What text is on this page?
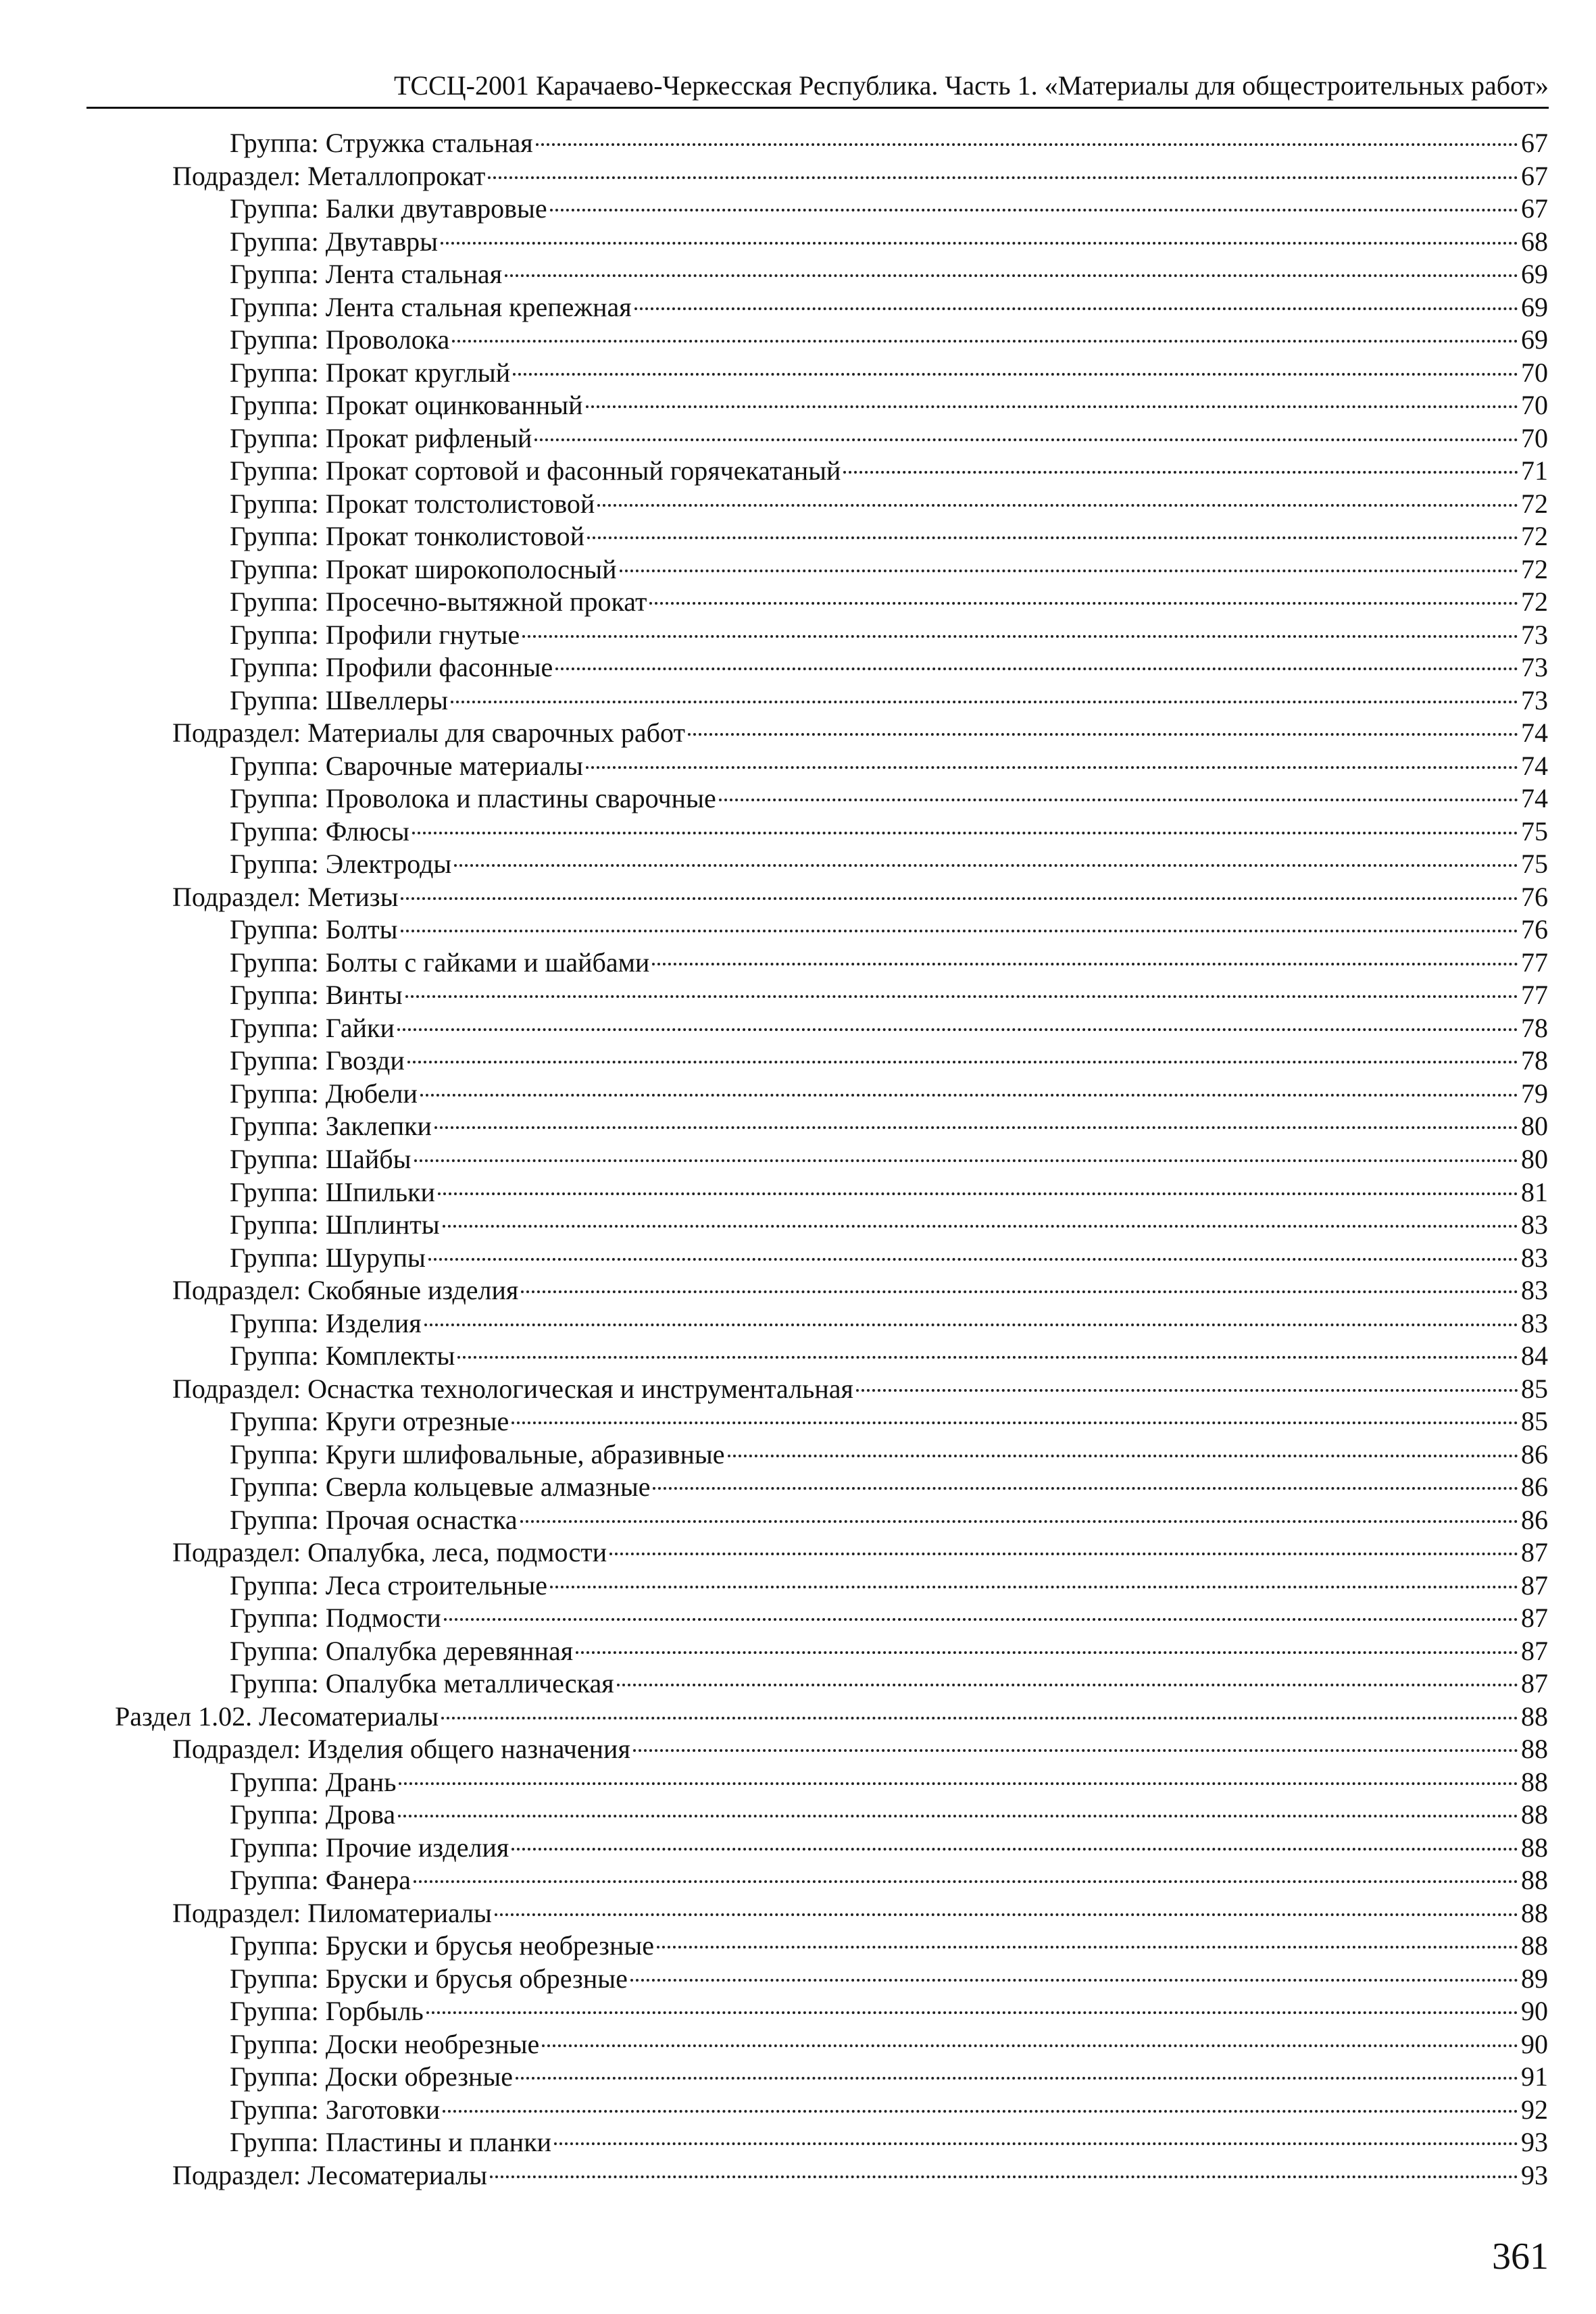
ТССЦ-2001 Карачаево-Черкесская Республика. Часть 1. «Материалы для общестроительных работ»
Группа: Стружка стальная	67
Подраздел: Металлопрокат	67
Группа: Балки двутавровые	67
Группа: Двутавры	68
Группа: Лента стальная	69
Группа: Лента стальная крепежная	69
Группа: Проволока	69
Группа: Прокат круглый	70
Группа: Прокат оцинкованный	70
Группа: Прокат рифленый	70
Группа: Прокат сортовой и фасонный горячекатаный	71
Группа: Прокат толстолистовой	72
Группа: Прокат тонколистовой	72
Группа: Прокат широкополосный	72
Группа: Просечно-вытяжной прокат	72
Группа: Профили гнутые	73
Группа: Профили фасонные	73
Группа: Швеллеры	73
Подраздел: Материалы для сварочных работ	74
Группа: Сварочные материалы	74
Группа: Проволока и пластины сварочные	74
Группа: Флюсы	75
Группа: Электроды	75
Подраздел: Метизы	76
Группа: Болты	76
Группа: Болты с гайками и шайбами	77
Группа: Винты	77
Группа: Гайки	78
Группа: Гвозди	78
Группа: Дюбели	79
Группа: Заклепки	80
Группа: Шайбы	80
Группа: Шпильки	81
Группа: Шплинты	83
Группа: Шурупы	83
Подраздел: Скобяные изделия	83
Группа: Изделия	83
Группа: Комплекты	84
Подраздел: Оснастка технологическая и инструментальная	85
Группа: Круги отрезные	85
Группа: Круги шлифовальные, абразивные	86
Группа: Сверла кольцевые алмазные	86
Группа: Прочая оснастка	86
Подраздел: Опалубка, леса, подмости	87
Группа: Леса строительные	87
Группа: Подмости	87
Группа: Опалубка деревянная	87
Группа: Опалубка металлическая	87
Раздел 1.02. Лесоматериалы	88
Подраздел: Изделия общего назначения	88
Группа: Дрань	88
Группа: Дрова	88
Группа: Прочие изделия	88
Группа: Фанера	88
Подраздел: Пиломатериалы	88
Группа: Бруски и брусья необрезные	88
Группа: Бруски и брусья обрезные	89
Группа: Горбыль	90
Группа: Доски необрезные	90
Группа: Доски обрезные	91
Группа: Заготовки	92
Группа: Пластины и планки	93
Подраздел: Лесоматериалы	93
361
